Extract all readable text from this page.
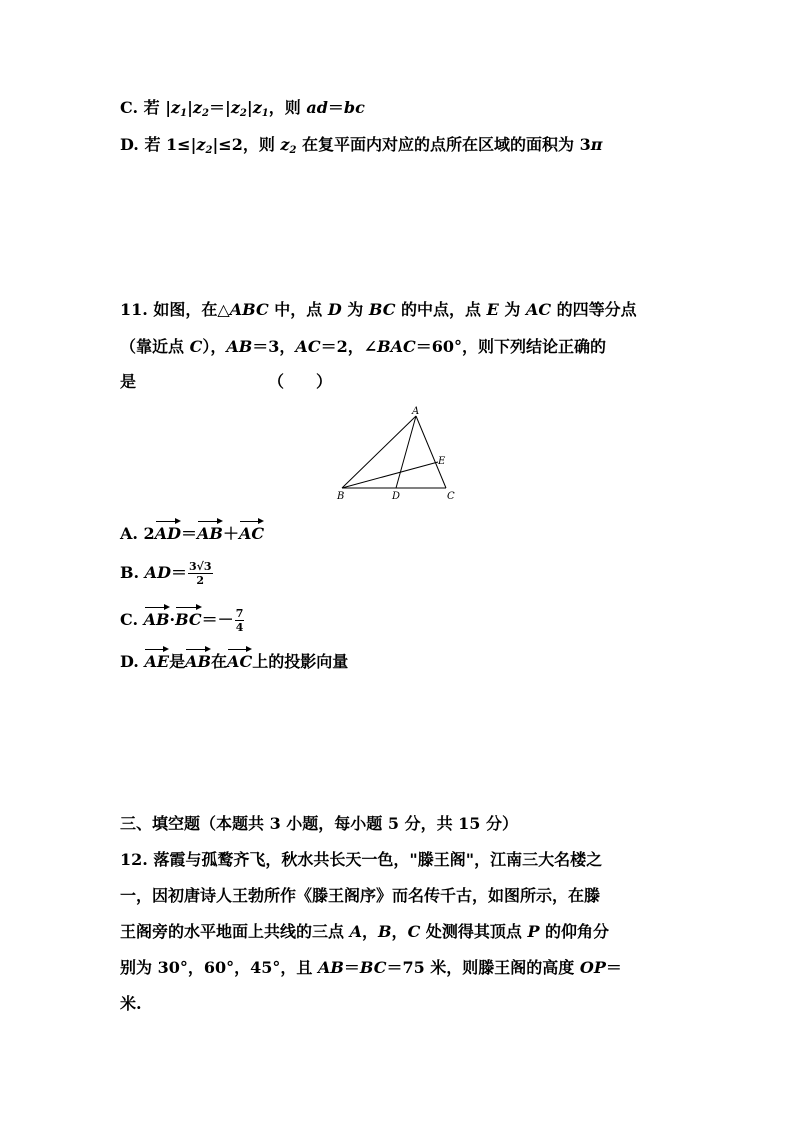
C. 若 $|z_1|z_2=|z_2|z_1$，则 ad＝bc
D. 若 $1\le|z_2|\le 2$，则 $z_2$ 在复平面内对应的点所在区域的面积为 3π
11. 如图，在△ABC 中，点 D 为 BC 的中点，点 E 为 AC 的四等分点
（靠近点 C），AB＝3，AC＝2，∠BAC＝60°，则下列结论正确的
是	（　　）
A
B	C
D
E
A. 2AD＝AB＋AC
B. $AD= \frac{3√3}{2}$
C. $AB\cdot BC=- \frac{7}{4}$
D. AE是AB在AC上的投影向量
三、填空题（本题共 3 小题，每小题 5 分，共 15 分）
12. 落霞与孤鹜齐飞，秋水共长天一色，"滕王阁"，江南三大名楼之
一，因初唐诗人王勃所作《滕王阁序》而名传千古，如图所示，在滕
王阁旁的水平地面上共线的三点 A，B，C 处测得其顶点 P 的仰角分
别为 30°，60°，45°，且 AB＝BC＝75 米，则滕王阁的高度 OP＝
米.
